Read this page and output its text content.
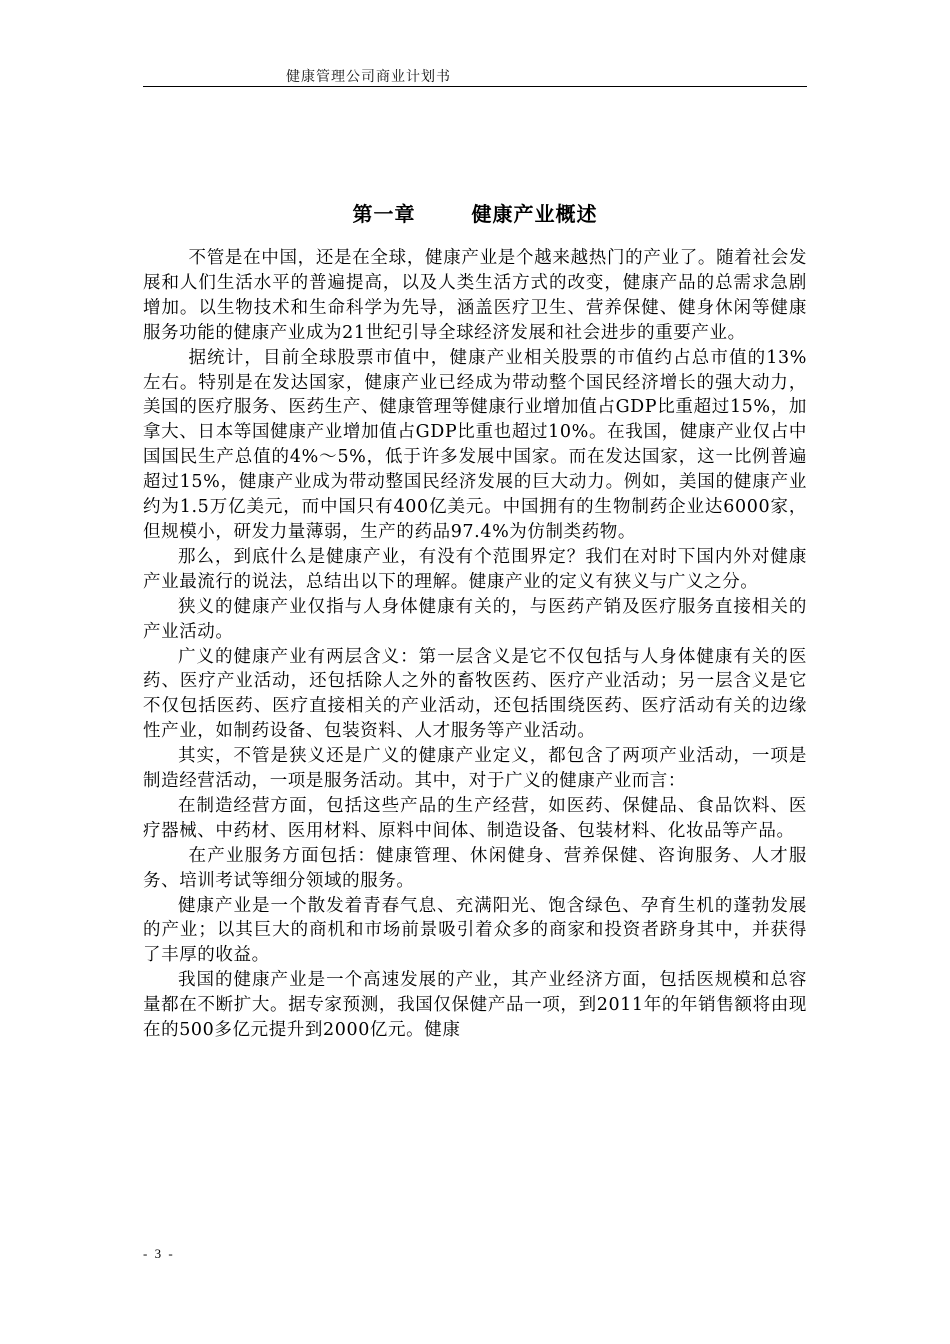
健康管理公司商业计划书
第一章	健康产业概述

不管是在中国，还是在全球，健康产业是个越来越热门的产业了。随着社会发展和人们生活水平的普遍提高，以及人类生活方式的改变，健康产品的总需求急剧增加。以生物技术和生命科学为先导，涵盖医疗卫生、营养保健、健身休闲等健康服务功能的健康产业成为21世纪引导全球经济发展和社会进步的重要产业。

据统计，目前全球股票市值中，健康产业相关股票的市值约占总市值的13%左右。特别是在发达国家，健康产业已经成为带动整个国民经济增长的强大动力，美国的医疗服务、医药生产、健康管理等健康行业增加值占GDP比重超过15%，加拿大、日本等国健康产业增加值占GDP比重也超过10%。在我国，健康产业仅占中国国民生产总值的4%～5%，低于许多发展中国家。而在发达国家，这一比例普遍超过15%，健康产业成为带动整国民经济发展的巨大动力。例如，美国的健康产业约为1.5万亿美元，而中国只有400亿美元。中国拥有的生物制药企业达6000家，但规模小，研发力量薄弱，生产的药品97.4%为仿制类药物。

那么，到底什么是健康产业，有没有个范围界定？我们在对时下国内外对健康产业最流行的说法，总结出以下的理解。健康产业的定义有狭义与广义之分。

狭义的健康产业仅指与人身体健康有关的，与医药产销及医疗服务直接相关的产业活动。

广义的健康产业有两层含义：第一层含义是它不仅包括与人身体健康有关的医药、医疗产业活动，还包括除人之外的畜牧医药、医疗产业活动；另一层含义是它不仅包括医药、医疗直接相关的产业活动，还包括围绕医药、医疗活动有关的边缘性产业，如制药设备、包装资料、人才服务等产业活动。

其实，不管是狭义还是广义的健康产业定义，都包含了两项产业活动，一项是制造经营活动，一项是服务活动。其中，对于广义的健康产业而言：

在制造经营方面，包括这些产品的生产经营，如医药、保健品、食品饮料、医疗器械、中药材、医用材料、原料中间体、制造设备、包装材料、化妆品等产品。

在产业服务方面包括：健康管理、休闲健身、营养保健、咨询服务、人才服务、培训考试等细分领域的服务。

健康产业是一个散发着青春气息、充满阳光、饱含绿色、孕育生机的蓬勃发展的产业；以其巨大的商机和市场前景吸引着众多的商家和投资者跻身其中，并获得了丰厚的收益。

我国的健康产业是一个高速发展的产业，其产业经济方面，包括医规模和总容量都在不断扩大。据专家预测，我国仅保健产品一项，到2011年的年销售额将由现在的500多亿元提升到2000亿元。健康

- 3 -
